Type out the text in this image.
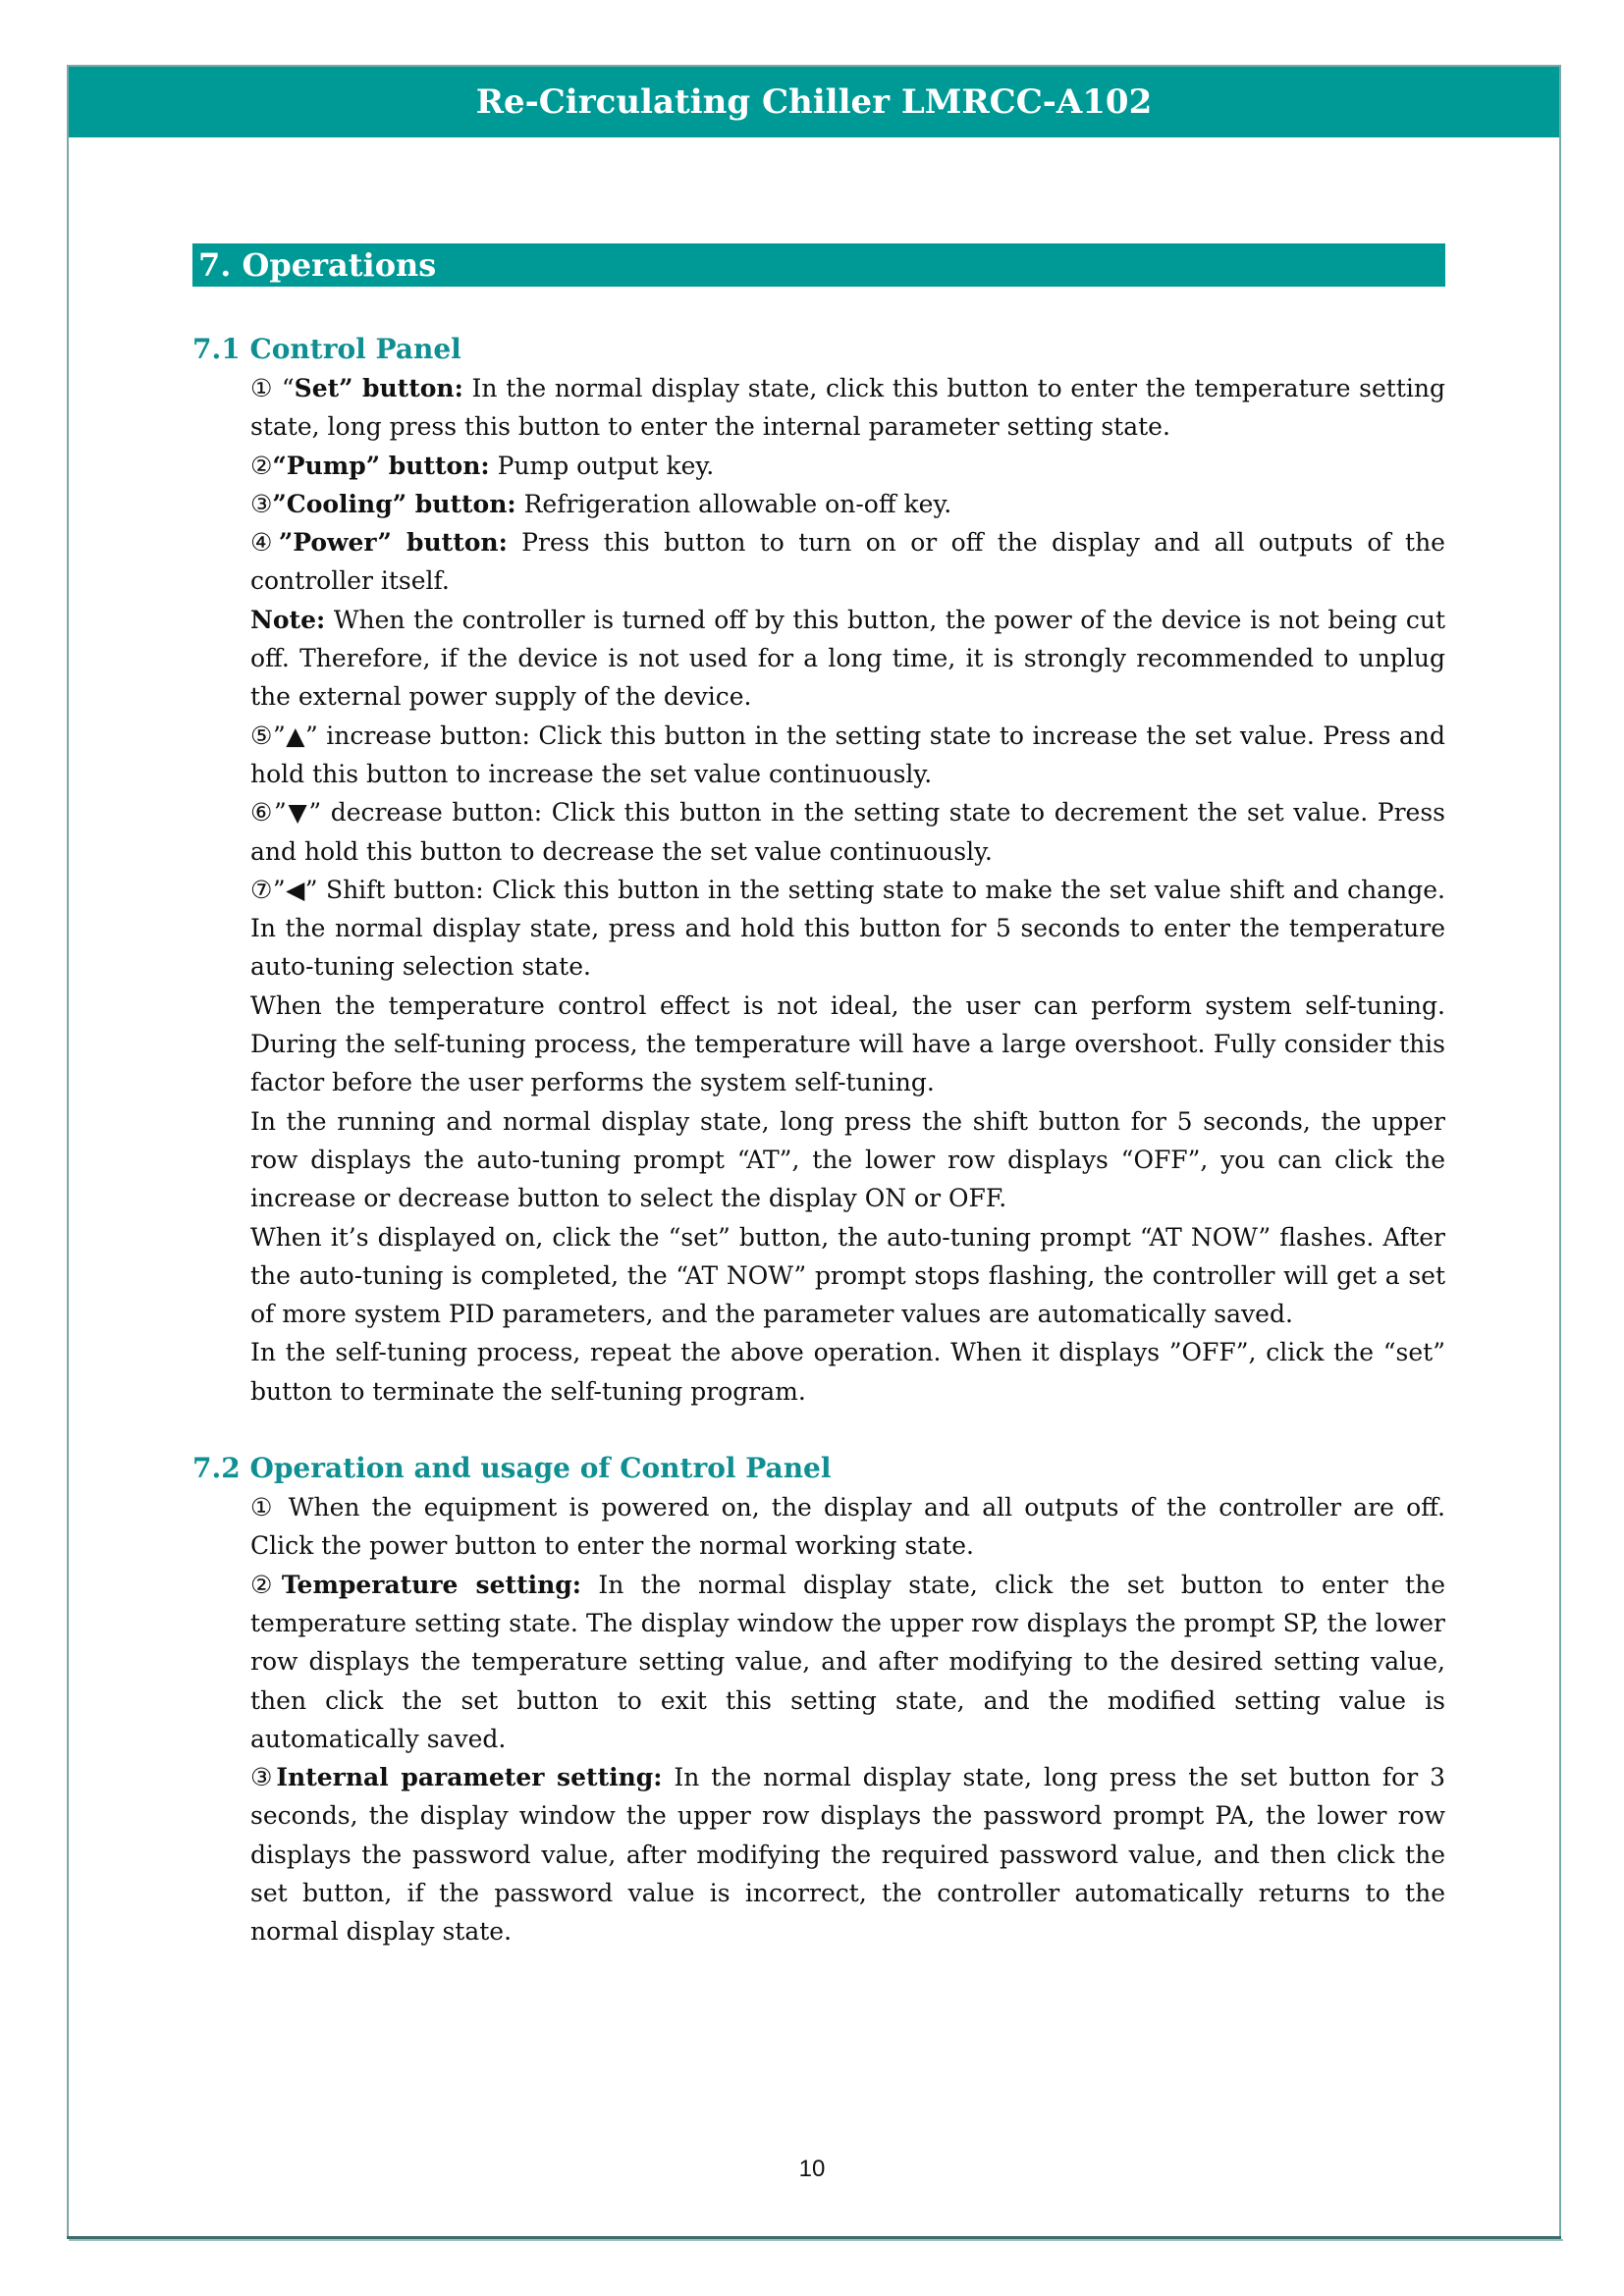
Re-Circulating Chiller LMRCC-A102
7. Operations
7.1 Control Panel
① “Set” button: In the normal display state, click this button to enter the temperature setting state, long press this button to enter the internal parameter setting state.
②“Pump” button: Pump output key.
③”Cooling” button: Refrigeration allowable on-off key.
④”Power” button: Press this button to turn on or off the display and all outputs of the controller itself.
Note: When the controller is turned off by this button, the power of the device is not being cut off. Therefore, if the device is not used for a long time, it is strongly recommended to unplug the external power supply of the device.
⑤”▲” increase button: Click this button in the setting state to increase the set value. Press and hold this button to increase the set value continuously.
⑥”▼” decrease button: Click this button in the setting state to decrement the set value. Press and hold this button to decrease the set value continuously.
⑦”◀” Shift button: Click this button in the setting state to make the set value shift and change. In the normal display state, press and hold this button for 5 seconds to enter the temperature auto-tuning selection state.
When the temperature control effect is not ideal, the user can perform system self-tuning. During the self-tuning process, the temperature will have a large overshoot. Fully consider this factor before the user performs the system self-tuning.
In the running and normal display state, long press the shift button for 5 seconds, the upper row displays the auto-tuning prompt “AT”, the lower row displays “OFF”, you can click the increase or decrease button to select the display ON or OFF.
When it’s displayed on, click the “set” button, the auto-tuning prompt “AT NOW” flashes. After the auto-tuning is completed, the “AT NOW” prompt stops flashing, the controller will get a set of more system PID parameters, and the parameter values are automatically saved.
In the self-tuning process, repeat the above operation. When it displays ”OFF”, click the “set” button to terminate the self-tuning program.
7.2 Operation and usage of Control Panel
① When the equipment is powered on, the display and all outputs of the controller are off. Click the power button to enter the normal working state.
②Temperature setting: In the normal display state, click the set button to enter the temperature setting state. The display window the upper row displays the prompt SP, the lower row displays the temperature setting value, and after modifying to the desired setting value, then click the set button to exit this setting state, and the modified setting value is automatically saved.
③Internal parameter setting: In the normal display state, long press the set button for 3 seconds, the display window the upper row displays the password prompt PA, the lower row displays the password value, after modifying the required password value, and then click the set button, if the password value is incorrect, the controller automatically returns to the normal display state.
10
